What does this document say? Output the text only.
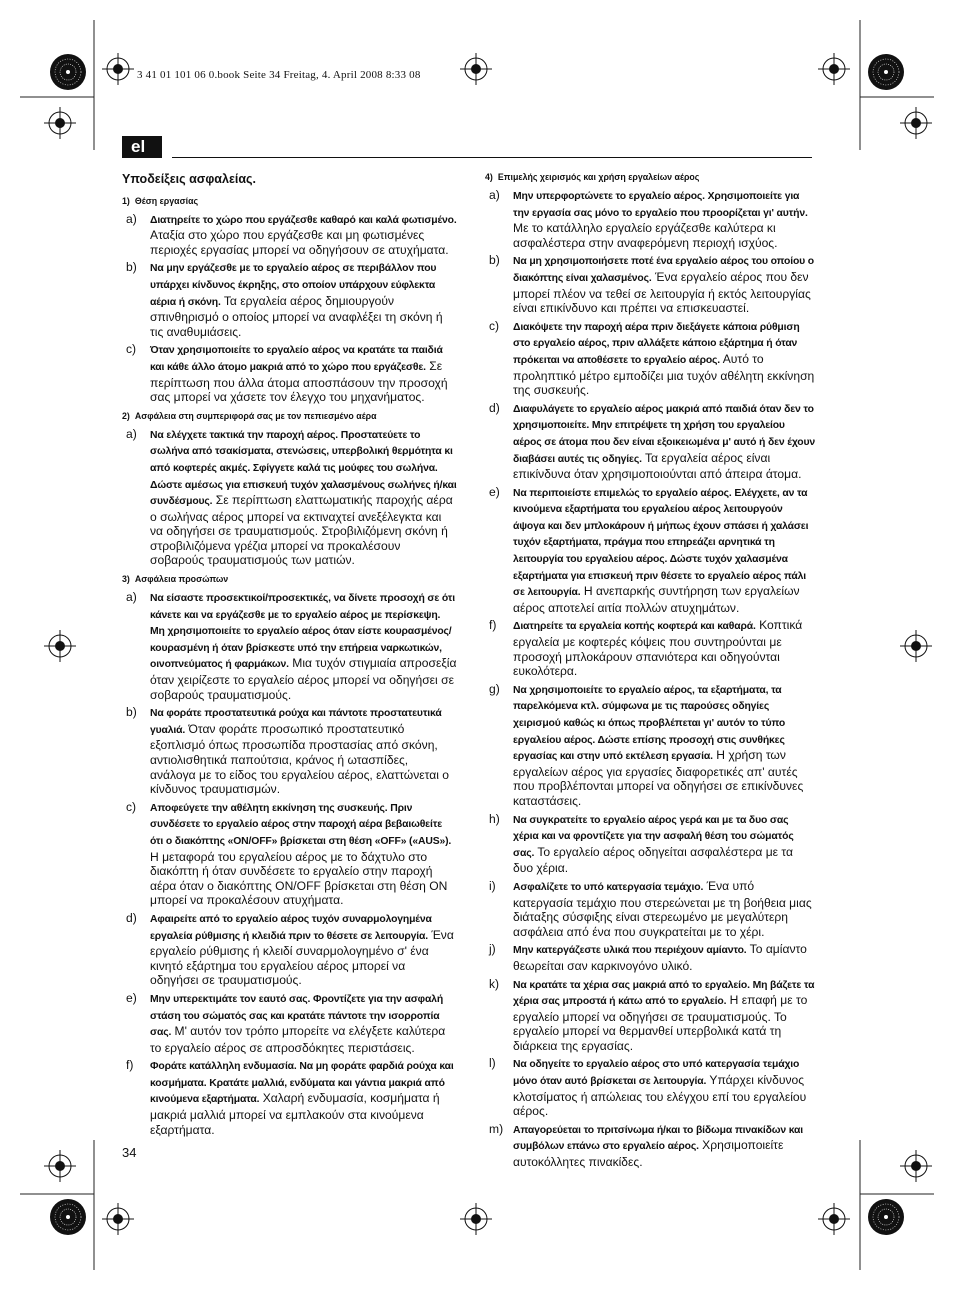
3 41 01 101 06 0.book Seite 34 Freitag, 4. April 2008 8:33 08
el
Υποδείξεις ασφαλείας.
1) Θέση εργασίας
a) Διατηρείτε το χώρο που εργάζεσθε καθαρό και καλά φωτισμένο. Αταξία στο χώρο που εργάζεσθε και μη φωτισμένες περιοχές εργασίας μπορεί να οδηγήσουν σε ατυχήματα.
b) Να μην εργάζεσθε με το εργαλείο αέρος σε περιβάλλον που υπάρχει κίνδυνος έκρηξης, στο οποίον υπάρχουν εύφλεκτα αέρια ή σκόνη. Τα εργαλεία αέρος δημιουργούν σπινθηρισμό ο οποίος μπορεί να αναφλέξει τη σκόνη ή τις αναθυμιάσεις.
c) Όταν χρησιμοποιείτε το εργαλείο αέρος να κρατάτε τα παιδιά και κάθε άλλο άτομο μακριά από το χώρο που εργάζεσθε. Σε περίπτωση που άλλα άτομα αποσπάσουν την προσοχή σας μπορεί να χάσετε τον έλεγχο του μηχανήματος.
2) Ασφάλεια στη συμπεριφορά σας με τον πεπιεσμένο αέρα
a) Να ελέγχετε τακτικά την παροχή αέρος. Προστατεύετε το σωλήνα από τσακίσματα, στενώσεις, υπερβολική θερμότητα κι από κοφτερές ακμές. Σφίγγετε καλά τις μούφες του σωλήνα. Δώστε αμέσως για επισκευή τυχόν χαλασμένους σωλήνες ή/και συνδέσμους. Σε περίπτωση ελαττωματικής παροχής αέρα ο σωλήνας αέρος μπορεί να εκτιναχτεί ανεξέλεγκτα και να οδηγήσει σε τραυματισμούς. Στροβιλιζόμενη σκόνη ή στροβιλιζόμενα γρέζια μπορεί να προκαλέσουν σοβαρούς τραυματισμούς των ματιών.
3) Ασφάλεια προσώπων
a) Να είσαστε προσεκτικοί/προσεκτικές, να δίνετε προσοχή σε ότι κάνετε και να εργάζεσθε με το εργαλείο αέρος με περίσκεψη. Μη χρησιμοποιείτε το εργαλείο αέρος όταν είστε κουρασμένος/κουρασμένη ή όταν βρίσκεστε υπό την επήρεια ναρκωτικών, οινοπνεύματος ή φαρμάκων. Μια τυχόν στιγμιαία απροσεξία όταν χειρίζεστε το εργαλείο αέρος μπορεί να οδηγήσει σε σοβαρούς τραυματισμούς.
b) Να φοράτε προστατευτικά ρούχα και πάντοτε προστατευτικά γυαλιά. Όταν φοράτε προσωπικό προστατευτικό εξοπλισμό όπως προσωπίδα προστασίας από σκόνη, αντιολισθητικά παπούτσια, κράνος ή ωτασπίδες, ανάλογα με το είδος του εργαλείου αέρος, ελαττώνεται ο κίνδυνος τραυματισμών.
c) Αποφεύγετε την αθέλητη εκκίνηση της συσκευής. Πριν συνδέσετε το εργαλείο αέρος στην παροχή αέρα βεβαιωθείτε ότι ο διακόπτης «ON/OFF» βρίσκεται στη θέση «OFF» («AUS»). Η μεταφορά του εργαλείου αέρος με το δάχτυλο στο διακόπτη ή όταν συνδέσετε το εργαλείο στην παροχή αέρα όταν ο διακόπτης ON/OFF βρίσκεται στη θέση ON μπορεί να προκαλέσουν ατυχήματα.
d) Αφαιρείτε από το εργαλείο αέρος τυχόν συναρμολογημένα εργαλεία ρύθμισης ή κλειδιά πριν το θέσετε σε λειτουργία. Ένα εργαλείο ρύθμισης ή κλειδί συναρμολογημένο σ' ένα κινητό εξάρτημα του εργαλείου αέρος μπορεί να οδηγήσει σε τραυματισμούς.
e) Μην υπερεκτιμάτε τον εαυτό σας. Φροντίζετε για την ασφαλή στάση του σώματός σας και κρατάτε πάντοτε την ισορροπία σας. Μ' αυτόν τον τρόπο μπορείτε να ελέγξετε καλύτερα το εργαλείο αέρος σε απροσδόκητες περιστάσεις.
f) Φοράτε κατάλληλη ενδυμασία. Να μη φοράτε φαρδιά ρούχα και κοσμήματα. Κρατάτε μαλλιά, ενδύματα και γάντια μακριά από κινούμενα εξαρτήματα. Χαλαρή ενδυμασία, κοσμήματα ή μακριά μαλλιά μπορεί να εμπλακούν στα κινούμενα εξαρτήματα.
4) Επιμελής χειρισμός και χρήση εργαλείων αέρος
a) Μην υπερφορτώνετε το εργαλείο αέρος. Χρησιμοποιείτε για την εργασία σας μόνο το εργαλείο που προορίζεται γι' αυτήν. Με το κατάλληλο εργαλείο εργάζεσθε καλύτερα κι ασφαλέστερα στην αναφερόμενη περιοχή ισχύος.
b) Να μη χρησιμοποιήσετε ποτέ ένα εργαλείο αέρος του οποίου ο διακόπτης είναι χαλασμένος. Ένα εργαλείο αέρος που δεν μπορεί πλέον να τεθεί σε λειτουργία ή εκτός λειτουργίας είναι επικίνδυνο και πρέπει να επισκευαστεί.
c) Διακόψετε την παροχή αέρα πριν διεξάγετε κάποια ρύθμιση στο εργαλείο αέρος, πριν αλλάξετε κάποιο εξάρτημα ή όταν πρόκειται να αποθέσετε το εργαλείο αέρος. Αυτό το προληπτικό μέτρο εμποδίζει μια τυχόν αθέλητη εκκίνηση της συσκευής.
d) Διαφυλάγετε το εργαλείο αέρος μακριά από παιδιά όταν δεν το χρησιμοποιείτε. Μην επιτρέψετε τη χρήση του εργαλείου αέρος σε άτομα που δεν είναι εξοικειωμένα μ' αυτό ή δεν έχουν διαβάσει αυτές τις οδηγίες. Τα εργαλεία αέρος είναι επικίνδυνα όταν χρησιμοποιούνται από άπειρα άτομα.
e) Να περιποιείστε επιμελώς το εργαλείο αέρος. Ελέγχετε, αν τα κινούμενα εξαρτήματα του εργαλείου αέρος λειτουργούν άψογα και δεν μπλοκάρουν ή μήπως έχουν σπάσει ή χαλάσει τυχόν εξαρτήματα, πράγμα που επηρεάζει αρνητικά τη λειτουργία του εργαλείου αέρος. Δώστε τυχόν χαλασμένα εξαρτήματα για επισκευή πριν θέσετε το εργαλείο αέρος πάλι σε λειτουργία. Η ανεπαρκής συντήρηση των εργαλείων αέρος αποτελεί αιτία πολλών ατυχημάτων.
f) Διατηρείτε τα εργαλεία κοπής κοφτερά και καθαρά. Κοπτικά εργαλεία με κοφτερές κόψεις που συντηρούνται με προσοχή μπλοκάρουν σπανιότερα και οδηγούνται ευκολότερα.
g) Να χρησιμοποιείτε το εργαλείο αέρος, τα εξαρτήματα, τα παρελκόμενα κτλ. σύμφωνα με τις παρούσες οδηγίες χειρισμού καθώς κι όπως προβλέπεται γι' αυτόν το τύπο εργαλείου αέρος. Δώστε επίσης προσοχή στις συνθήκες εργασίας και στην υπό εκτέλεση εργασία. Η χρήση των εργαλείων αέρος για εργασίες διαφορετικές απ' αυτές που προβλέπονται μπορεί να οδηγήσει σε επικίνδυνες καταστάσεις.
h) Να συγκρατείτε το εργαλείο αέρος γερά και με τα δυο σας χέρια και να φροντίζετε για την ασφαλή θέση του σώματός σας. Το εργαλείο αέρος οδηγείται ασφαλέστερα με τα δυο χέρια.
i) Ασφαλίζετε το υπό κατεργασία τεμάχιο. Ένα υπό κατεργασία τεμάχιο που στερεώνεται με τη βοήθεια μιας διάταξης σύσφιξης είναι στερεωμένο με μεγαλύτερη ασφάλεια από ένα που συγκρατείται με το χέρι.
j) Μην κατεργάζεστε υλικά που περιέχουν αμίαντο. Το αμίαντο θεωρείται σαν καρκινογόνο υλικό.
k) Να κρατάτε τα χέρια σας μακριά από το εργαλείο. Μη βάζετε τα χέρια σας μπροστά ή κάτω από το εργαλείο. Η επαφή με το εργαλείο μπορεί να οδηγήσει σε τραυματισμούς. Το εργαλείο μπορεί να θερμανθεί υπερβολικά κατά τη διάρκεια της εργασίας.
l) Να οδηγείτε το εργαλείο αέρος στο υπό κατεργασία τεμάχιο μόνο όταν αυτό βρίσκεται σε λειτουργία. Υπάρχει κίνδυνος κλοτσίματος ή απώλειας του ελέγχου επί του εργαλείου αέρος.
m) Απαγορεύεται το πριτσίνωμα ή/και το βίδωμα πινακίδων και συμβόλων επάνω στο εργαλείο αέρος. Χρησιμοποιείτε αυτοκόλλητες πινακίδες.
34
